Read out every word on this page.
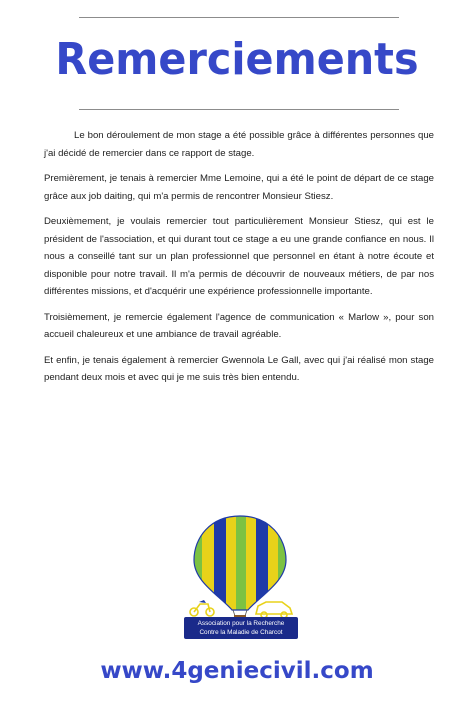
Remerciements

Le bon déroulement de mon stage a été possible grâce à différentes personnes que j'ai décidé de remercier dans ce rapport de stage.

Premièrement, je tenais à remercier Mme Lemoine, qui a été le point de départ de ce stage grâce aux job daiting, qui m'a permis de rencontrer Monsieur Stiesz.

Deuxièmement, je voulais remercier tout particulièrement Monsieur Stiesz, qui est le président de l'association, et qui durant tout ce stage a eu une grande confiance en nous. Il nous a conseillé tant sur un plan professionnel que personnel en étant à notre écoute et disponible pour notre travail. Il m'a permis de découvrir de nouveaux métiers, de par nos différentes missions, et d'acquérir une expérience professionnelle importante.

Troisièmement, je remercie également l'agence de communication « Marlow », pour son accueil chaleureux et une ambiance de travail agréable.

Et enfin, je tenais également à remercier Gwennola Le Gall, avec qui j'ai réalisé mon stage pendant deux mois et avec qui je me suis très bien entendu.

Association pour la Recherche
Contre la Maladie de Charcot
www.4geniecivil.com
